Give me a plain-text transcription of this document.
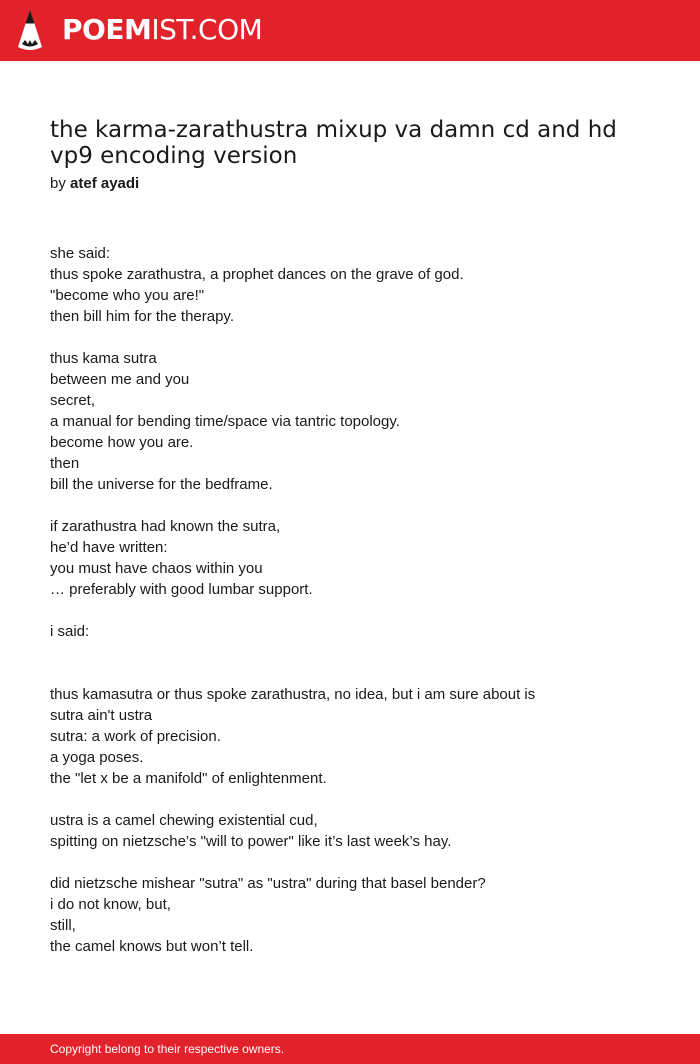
POEMIST.COM
the karma-zarathustra mixup va damn cd and hd vp9 encoding version
by atef ayadi
she said:
thus spoke zarathustra, a prophet dances on the grave of god.
"become who you are!"
then bill him for the therapy.
thus kama sutra
between me and you
secret,
a manual for bending time/space via tantric topology.
become how you are.
then
bill the universe for the bedframe.
if zarathustra had known the sutra,
he’d have written:
you must have chaos within you
… preferably with good lumbar support.
i said:
thus kamasutra or thus spoke zarathustra, no idea, but i am sure about is
sutra ain't ustra
sutra: a work of precision.
a yoga poses.
the "let x be a manifold" of enlightenment.
ustra is a camel chewing existential cud,
spitting on nietzsche’s "will to power" like it’s last week’s hay.
did nietzsche mishear "sutra" as "ustra" during that basel bender?
i do not know, but,
still,
the camel knows but won’t tell.
Copyright belong to their respective owners.
